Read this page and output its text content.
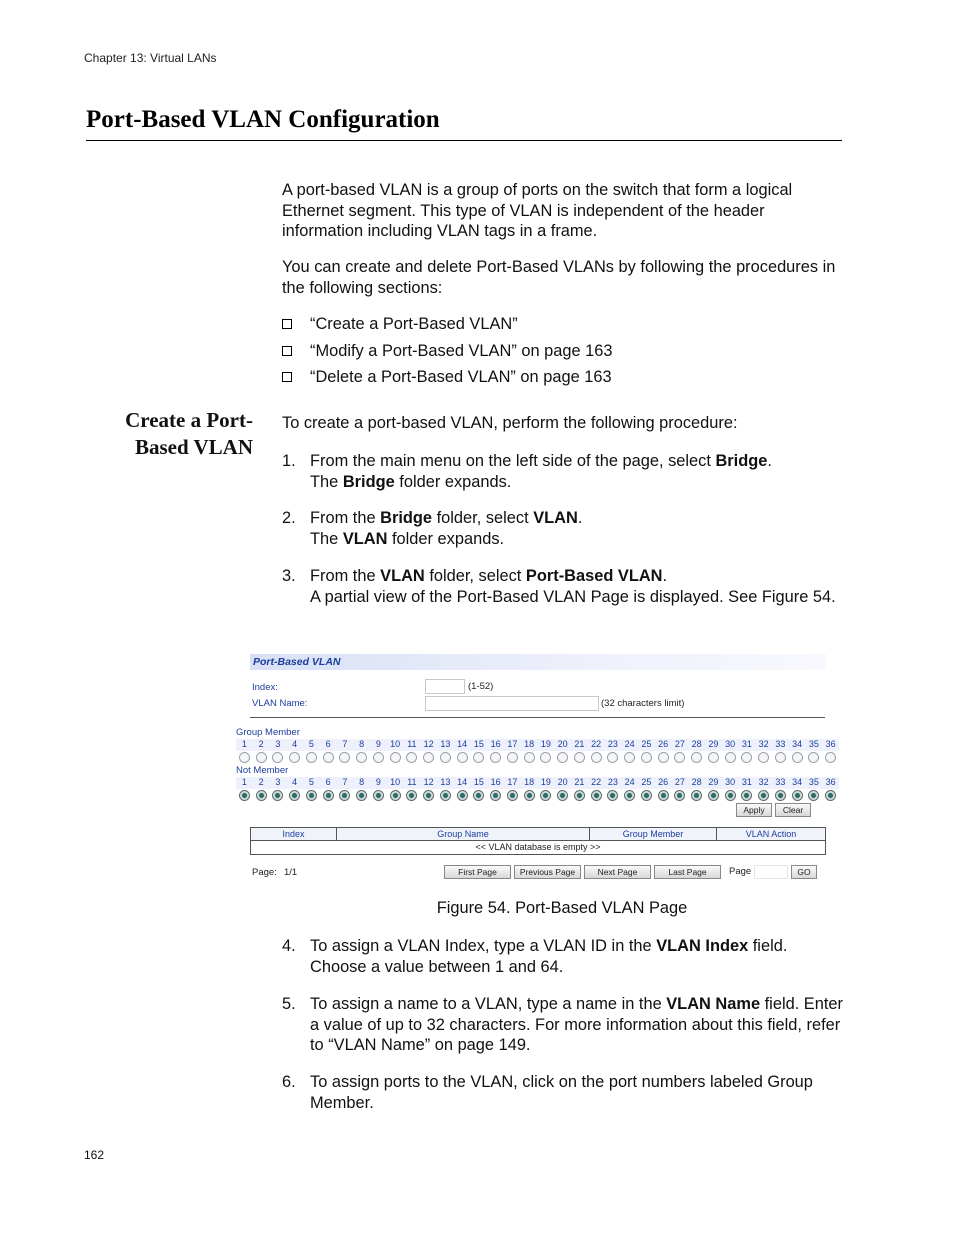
Chapter 13: Virtual LANs
Port-Based VLAN Configuration
A port-based VLAN is a group of ports on the switch that form a logical Ethernet segment. This type of VLAN is independent of the header information including VLAN tags in a frame.
You can create and delete Port-Based VLANs by following the procedures in the following sections:
“Create a Port-Based VLAN”
“Modify a Port-Based VLAN” on page 163
“Delete a Port-Based VLAN” on page 163
Create a Port-
Based VLAN
To create a port-based VLAN, perform the following procedure:
1. From the main menu on the left side of the page, select Bridge.
The Bridge folder expands.
2. From the Bridge folder, select VLAN.
The VLAN folder expands.
3. From the VLAN folder, select Port-Based VLAN.
A partial view of the Port-Based VLAN Page is displayed. See Figure 54.
Port-Based VLAN
Index:	(1-52)
VLAN Name:	(32 characters limit)
Group Member
1	2	3	4	5	6	7	8	9	10 11 12 13 14 15 16 17 18 19 20 21 22 23 24 25 26 27 28 29 30 31 32 33 34 35 36
Not Member
1	2	3	4	5	6	7	8	9	10 11 12 13 14 15 16 17 18 19 20 21 22 23 24 25 26 27 28 29 30 31 32 33 34 35 36
Apply	Clear
Index	Group Name	Group Member	VLAN Action
<< VLAN database is empty >>
Page: 1/1	First Page	Previous Page	Next Page	Last Page	Page	GO
Figure 54. Port-Based VLAN Page
4. To assign a VLAN Index, type a VLAN ID in the VLAN Index field. Choose a value between 1 and 64.
5. To assign a name to a VLAN, type a name in the VLAN Name field. Enter a value of up to 32 characters. For more information about this field, refer to “VLAN Name” on page 149.
6. To assign ports to the VLAN, click on the port numbers labeled Group Member.
162
